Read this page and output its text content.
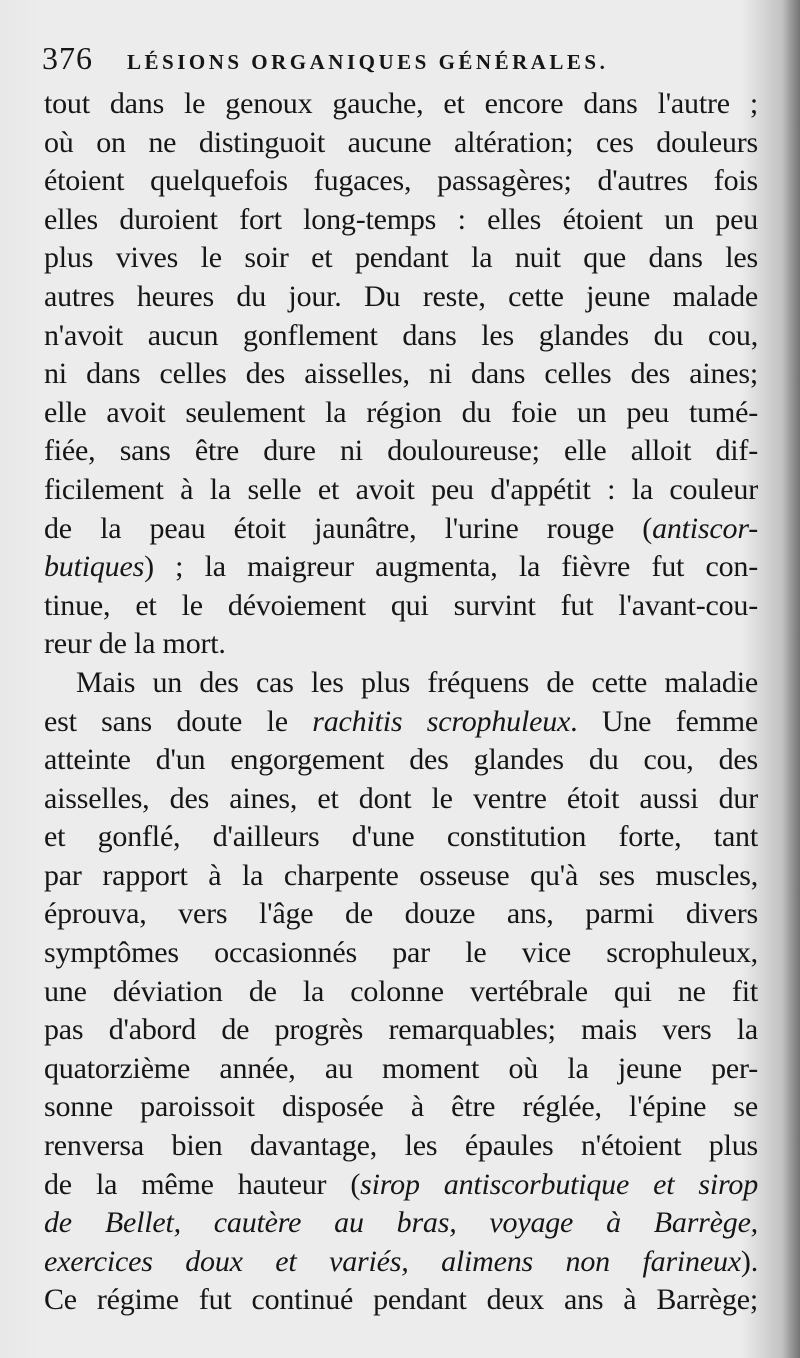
376 LÉSIONS ORGANIQUES GÉNÉRALES.
tout dans le genoux gauche, et encore dans l'autre ;
où on ne distinguoit aucune altération; ces douleurs
étoient quelquefois fugaces, passagères; d'autres fois
elles duroient fort long-temps : elles étoient un peu
plus vives le soir et pendant la nuit que dans les
autres heures du jour. Du reste, cette jeune malade
n'avoit aucun gonflement dans les glandes du cou,
ni dans celles des aisselles, ni dans celles des aines;
elle avoit seulement la région du foie un peu tumé-
fiée, sans être dure ni douloureuse; elle alloit dif-
ficilement à la selle et avoit peu d'appétit : la couleur
de la peau étoit jaunâtre, l'urine rouge (antiscor-
butiques) ; la maigreur augmenta, la fièvre fut con-
tinue, et le dévoiement qui survint fut l'avant-cou-
reur de la mort.
Mais un des cas les plus fréquens de cette maladie
est sans doute le rachitis scrophuleux. Une femme
atteinte d'un engorgement des glandes du cou, des
aisselles, des aines, et dont le ventre étoit aussi dur
et gonflé, d'ailleurs d'une constitution forte, tant
par rapport à la charpente osseuse qu'à ses muscles,
éprouva, vers l'âge de douze ans, parmi divers
symptômes occasionnés par le vice scrophuleux,
une déviation de la colonne vertébrale qui ne fit
pas d'abord de progrès remarquables; mais vers la
quatorzième année, au moment où la jeune per-
sonne paroissoit disposée à être réglée, l'épine se
renversa bien davantage, les épaules n'étoient plus
de la même hauteur (sirop antiscorbutique et sirop
de Bellet, cautère au bras, voyage à Barrège,
exercices doux et variés, alimens non farineux).
Ce régime fut continué pendant deux ans à Barrège;
